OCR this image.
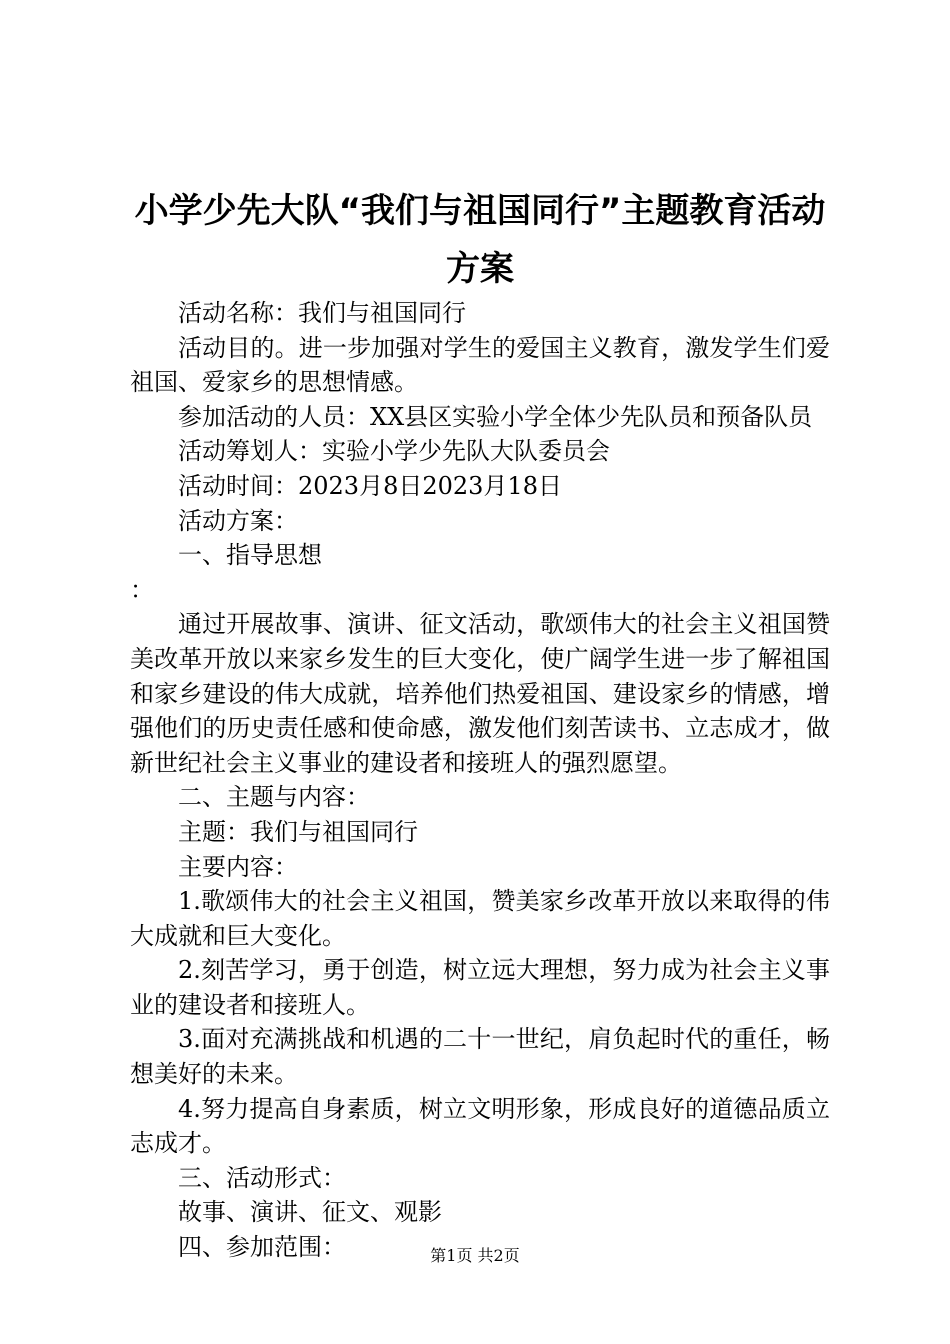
小学少先大队“我们与祖国同行”主题教育活动方案

活动名称：我们与祖国同行

活动目的。进一步加强对学生的爱国主义教育，激发学生们爱祖国、爱家乡的思想情感。

参加活动的人员：XX县区实验小学全体少先队员和预备队员

活动筹划人：实验小学少先队大队委员会

活动时间：2023月8日2023月18日

活动方案：

一、指导思想

：

通过开展故事、演讲、征文活动，歌颂伟大的社会主义祖国赞美改革开放以来家乡发生的巨大变化，使广阔学生进一步了解祖国和家乡建设的伟大成就，培养他们热爱祖国、建设家乡的情感，增强他们的历史责任感和使命感，激发他们刻苦读书、立志成才，做新世纪社会主义事业的建设者和接班人的强烈愿望。

二、主题与内容：

主题：我们与祖国同行

主要内容：

1.歌颂伟大的社会主义祖国，赞美家乡改革开放以来取得的伟大成就和巨大变化。

2.刻苦学习，勇于创造，树立远大理想，努力成为社会主义事业的建设者和接班人。

3.面对充满挑战和机遇的二十一世纪，肩负起时代的重任，畅想美好的未来。

4.努力提高自身素质，树立文明形象，形成良好的道德品质立志成才。

三、活动形式：

故事、演讲、征文、观影

四、参加范围：	第1页 共2页
